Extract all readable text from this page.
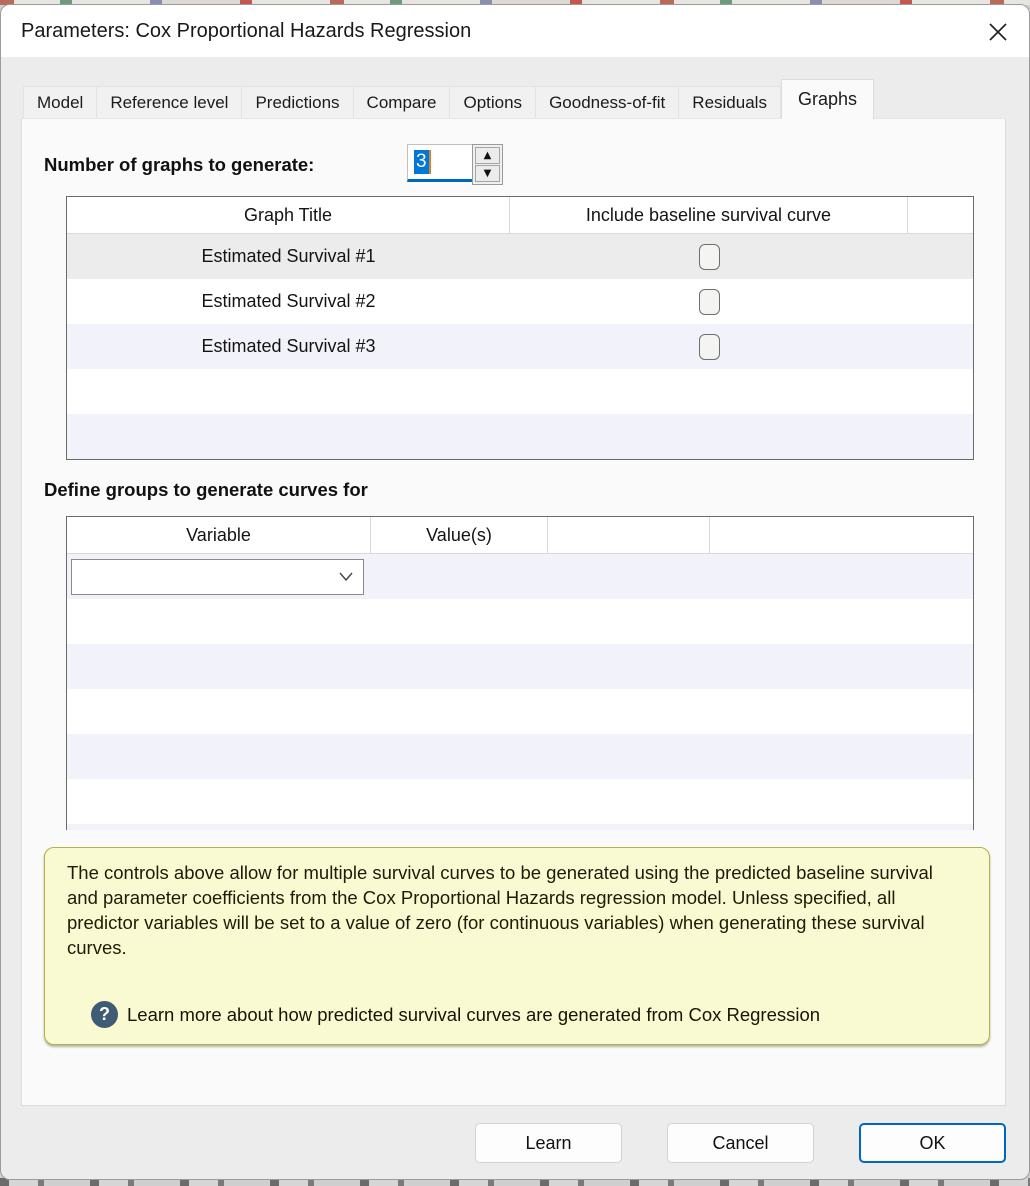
Parameters: Cox Proportional Hazards Regression
Model	Reference level	Predictions	Compare	Options	Goodness-of-fit	Residuals	Graphs
Number of graphs to generate:	3	▲
▼
Graph Title	Include baseline survival curve
Estimated Survival #1
Estimated Survival #2
Estimated Survival #3
Define groups to generate curves for
Variable	Value(s)

The controls above allow for multiple survival curves to be generated using the predicted baseline survival and parameter coefficients from the Cox Proportional Hazards regression model. Unless specified, all predictor variables will be set to a value of zero (for continuous variables) when generating these survival curves.

? Learn more about how predicted survival curves are generated from Cox Regression
Learn	Cancel	OK
